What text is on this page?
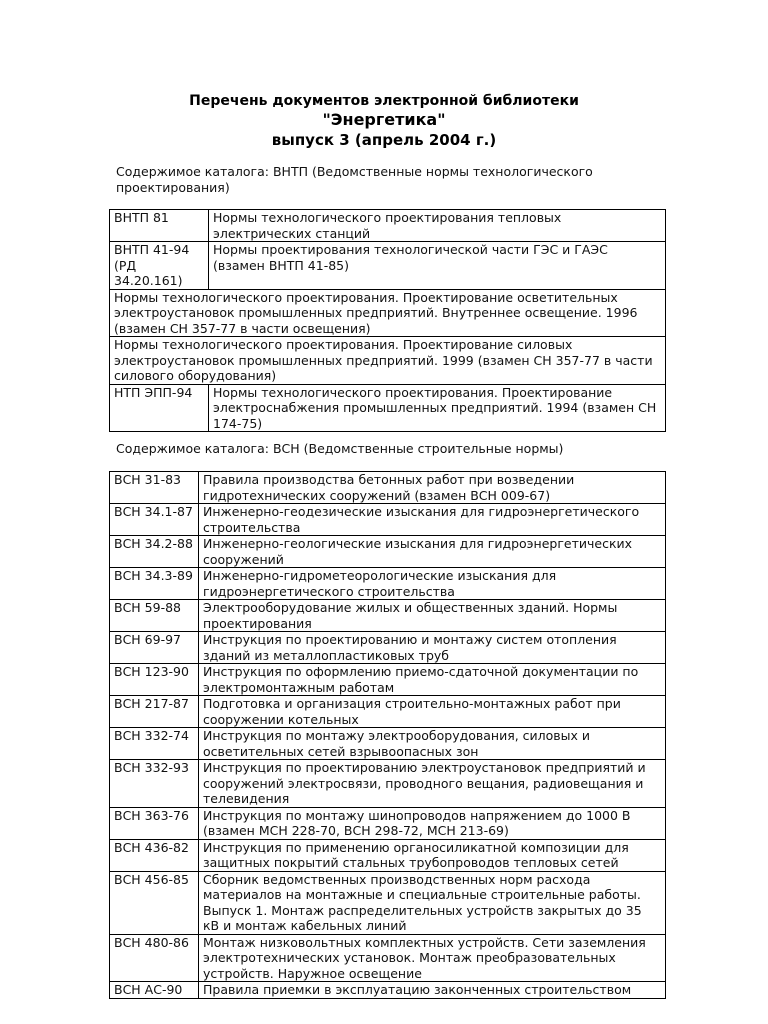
Перечень документов электронной библиотеки

"Энергетика"

выпуск 3 (апрель 2004 г.)

Содержимое каталога: ВНТП (Ведомственные нормы технологического проектирования)

ВНТП 81	Нормы технологического проектирования тепловых электрических станций
ВНТП 41-94 (РД 34.20.161)	Нормы проектирования технологической части ГЭС и ГАЭС (взамен ВНТП 41-85)
Нормы технологического проектирования. Проектирование осветительных электроустановок промышленных предприятий. Внутреннее освещение. 1996 (взамен СН 357-77 в части освещения)	
Нормы технологического проектирования. Проектирование силовых электроустановок промышленных предприятий. 1999 (взамен СН 357-77 в части силового оборудования)	
НТП ЭПП-94	Нормы технологического проектирования. Проектирование электроснабжения промышленных предприятий. 1994 (взамен СН 174-75)

Содержимое каталога: ВСН (Ведомственные строительные нормы)

ВСН 31-83	Правила производства бетонных работ при возведении гидротехнических сооружений (взамен ВСН 009-67)
ВСН 34.1-87	Инженерно-геодезические изыскания для гидроэнергетического строительства
ВСН 34.2-88	Инженерно-геологические изыскания для гидроэнергетических сооружений
ВСН 34.3-89	Инженерно-гидрометеорологические изыскания для гидроэнергетического строительства
ВСН 59-88	Электрооборудование жилых и общественных зданий. Нормы проектирования
ВСН 69-97	Инструкция по проектированию и монтажу систем отопления зданий из металлопластиковых труб
ВСН 123-90	Инструкция по оформлению приемо-сдаточной документации по электромонтажным работам
ВСН 217-87	Подготовка и организация строительно-монтажных работ при сооружении котельных
ВСН 332-74	Инструкция по монтажу электрооборудования, силовых и осветительных сетей взрывоопасных зон
ВСН 332-93	Инструкция по проектированию электроустановок предприятий и сооружений электросвязи, проводного вещания, радиовещания и телевидения
ВСН 363-76	Инструкция по монтажу шинопроводов напряжением до 1000 В (взамен МСН 228-70, ВСН 298-72, МСН 213-69)
ВСН 436-82	Инструкция по применению органосиликатной композиции для защитных покрытий стальных трубопроводов тепловых сетей
ВСН 456-85	Сборник ведомственных производственных норм расхода материалов на монтажные и специальные строительные работы. Выпуск 1. Монтаж распределительных устройств закрытых до 35 кВ и монтаж кабельных линий
ВСН 480-86	Монтаж низковольтных комплектных устройств. Сети заземления электротехнических установок. Монтаж преобразовательных устройств. Наружное освещение
ВСН АС-90	Правила приемки в эксплуатацию законченных строительством
